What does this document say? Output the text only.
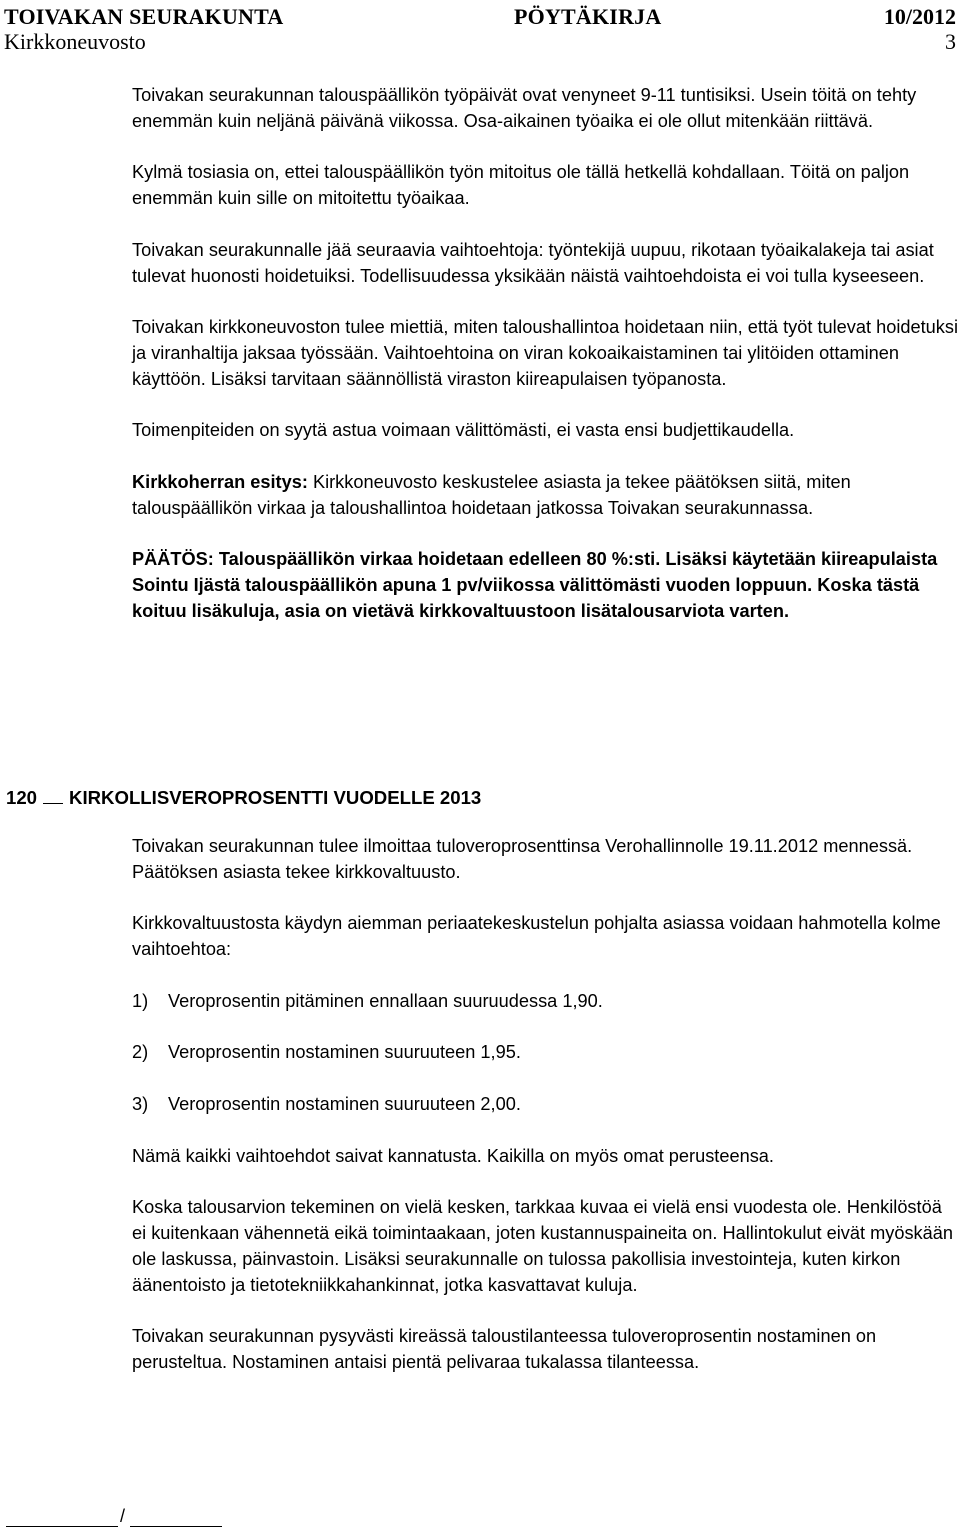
TOIVAKAN SEURAKUNTA	PÖYTÄKIRJA	10/2012
Kirkkoneuvosto	3

Toivakan seurakunnan talouspäällikön työpäivät ovat venyneet 9-11 tuntisiksi. Usein töitä on tehty enemmän kuin neljänä päivänä viikossa. Osa-aikainen työaika ei ole ollut mitenkään riittävä.

Kylmä tosiasia on, ettei talouspäällikön työn mitoitus ole tällä hetkellä kohdallaan. Töitä on paljon enemmän kuin sille on mitoitettu työaikaa.

Toivakan seurakunnalle jää seuraavia vaihtoehtoja: työntekijä uupuu, rikotaan työaikalakeja tai asiat tulevat huonosti hoidetuiksi. Todellisuudessa yksikään näistä vaihtoehdoista ei voi tulla kyseeseen.

Toivakan kirkkoneuvoston tulee miettiä, miten taloushallintoa hoidetaan niin, että työt tulevat hoidetuksi ja viranhaltija jaksaa työssään. Vaihtoehtoina on viran kokoaikaistaminen tai ylitöiden ottaminen käyttöön. Lisäksi tarvitaan säännöllistä viraston kiireapulaisen työpanosta.

Toimenpiteiden on syytä astua voimaan välittömästi, ei vasta ensi budjettikaudella.

Kirkkoherran esitys: Kirkkoneuvosto keskustelee asiasta ja tekee päätöksen siitä, miten talouspäällikön virkaa ja taloushallintoa hoidetaan jatkossa Toivakan seurakunnassa.

PÄÄTÖS: Talouspäällikön virkaa hoidetaan edelleen 80 %:sti. Lisäksi käytetään kiireapulaista Sointu Ijästä talouspäällikön apuna 1 pv/viikossa välittömästi vuoden loppuun. Koska tästä koituu lisäkuluja, asia on vietävä kirkkovaltuustoon lisätalousarviota varten.

120 KIRKOLLISVEROPROSENTTI VUODELLE 2013

Toivakan seurakunnan tulee ilmoittaa tuloveroprosenttinsa Verohallinnolle 19.11.2012 mennessä. Päätöksen asiasta tekee kirkkovaltuusto.

Kirkkovaltuustosta käydyn aiemman periaatekeskustelun pohjalta asiassa voidaan hahmotella kolme vaihtoehtoa:

1) Veroprosentin pitäminen ennallaan suuruudessa 1,90.

2) Veroprosentin nostaminen suuruuteen 1,95.

3) Veroprosentin nostaminen suuruuteen 2,00.

Nämä kaikki vaihtoehdot saivat kannatusta. Kaikilla on myös omat perusteensa.

Koska talousarvion tekeminen on vielä kesken, tarkkaa kuvaa ei vielä ensi vuodesta ole. Henkilöstöä ei kuitenkaan vähennetä eikä toimintaakaan, joten kustannuspaineita on. Hallintokulut eivät myöskään ole laskussa, päinvastoin. Lisäksi seurakunnalle on tulossa pakollisia investointeja, kuten kirkon äänentoisto ja tietotekniikkahankinnat, jotka kasvattavat kuluja.

Toivakan seurakunnan pysyvästi kireässä taloustilanteessa tuloveroprosentin nostaminen on perusteltua. Nostaminen antaisi pientä pelivaraa tukalassa tilanteessa.

/
